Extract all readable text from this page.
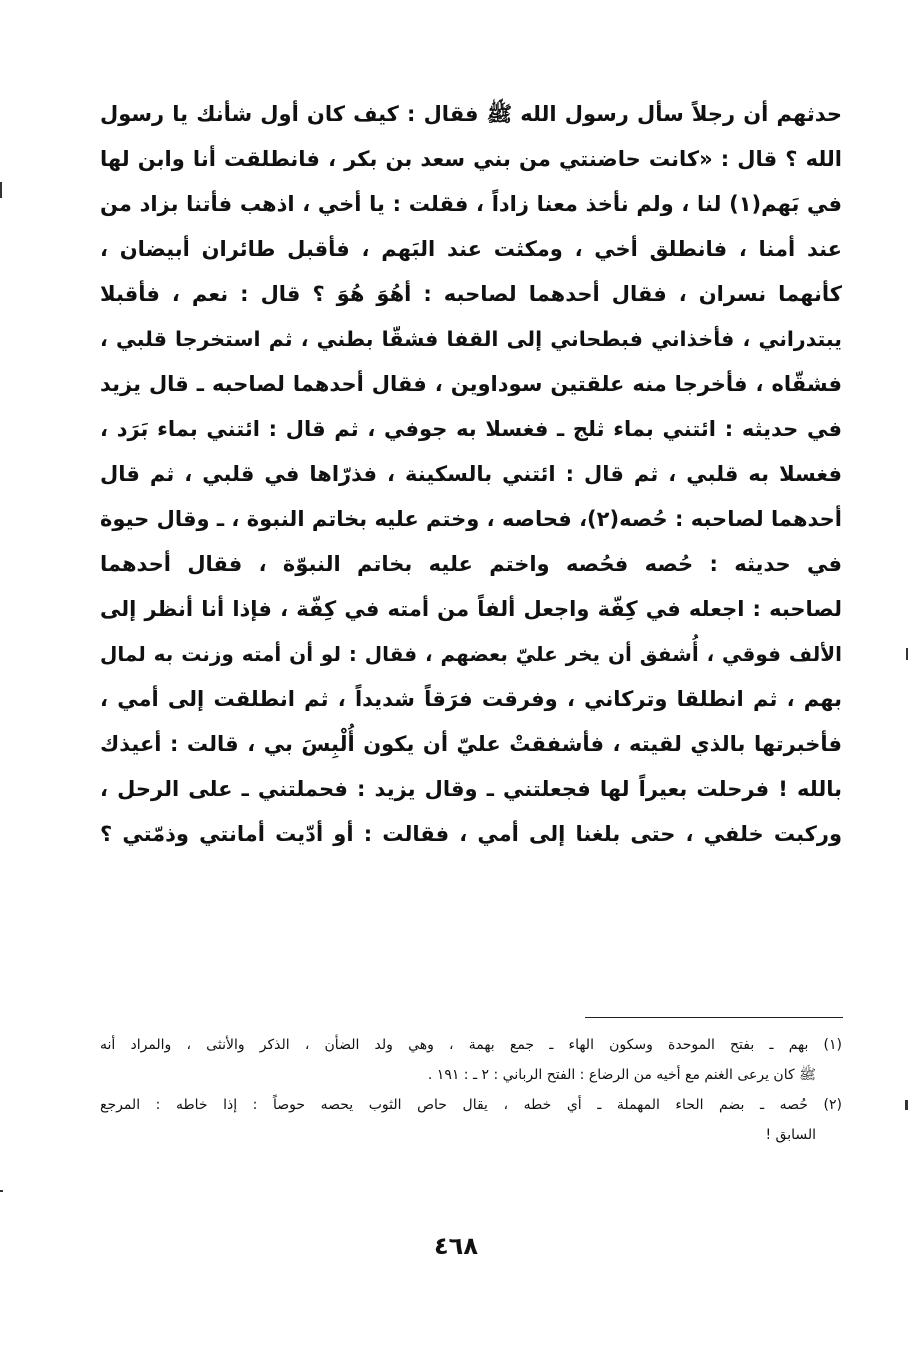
حدثهم أن رجلاً سأل رسول الله ﷺ فقال : كيف كان أول شأنك يا رسول
الله ؟ قال : «كانت حاضنتي من بني سعد بن بكر ، فانطلقت أنا وابن لها
في بَهم(١) لنا ، ولم نأخذ معنا زاداً ، فقلت : يا أخي ، اذهب فأتنا بزاد من
عند أمنا ، فانطلق أخي ، ومكثت عند البَهم ، فأقبل طائران أبيضان ،
كأنهما نسران ، فقال أحدهما لصاحبه : أهُوَ هُوَ ؟ قال : نعم ، فأقبلا
يبتدراني ، فأخذاني فبطحاني إلى القفا فشقّا بطني ، ثم استخرجا قلبي ،
فشقّاه ، فأخرجا منه علقتين سوداوين ، فقال أحدهما لصاحبه ـ قال يزيد
في حديثه : ائتني بماء ثلج ـ فغسلا به جوفي ، ثم قال : ائتني بماء بَرَد ،
فغسلا به قلبي ، ثم قال : ائتني بالسكينة ، فذرّاها في قلبي ، ثم قال
أحدهما لصاحبه : حُصه(٢)، فحاصه ، وختم عليه بخاتم النبوة ، ـ وقال حيوة
في حديثه : حُصه فحُصه واختم عليه بخاتم النبوّة ، فقال أحدهما
لصاحبه : اجعله في كِفّة واجعل ألفاً من أمته في كِفّة ، فإذا أنا أنظر إلى
الألف فوقي ، أُشفق أن يخر عليّ بعضهم ، فقال : لو أن أمته وزنت به لمال
بهم ، ثم انطلقا وتركاني ، وفرقت فرَقاً شديداً ، ثم انطلقت إلى أمي ،
فأخبرتها بالذي لقيته ، فأشفقتْ عليّ أن يكون أُلْبِسَ بي ، قالت : أعيذك
بالله ! فرحلت بعيراً لها فجعلتني ـ وقال يزيد : فحملتني ـ على الرحل ،
وركبت خلفي ، حتى بلغنا إلى أمي ، فقالت : أو أدّيت أمانتي وذمّتي ؟
(١) بهم ـ بفتح الموحدة وسكون الهاء ـ جمع بهمة ، وهي ولد الضأن ، الذكر والأنثى ، والمراد أنه
ﷺ كان يرعى الغنم مع أخيه من الرضاع : الفتح الرباني : ٢ ـ : ١٩١ .
(٢) حُصه ـ بضم الحاء المهملة ـ أي خطه ، يقال حاص الثوب يحصه حوصاً : إذا خاطه : المرجع
السابق !
٤٦٨
